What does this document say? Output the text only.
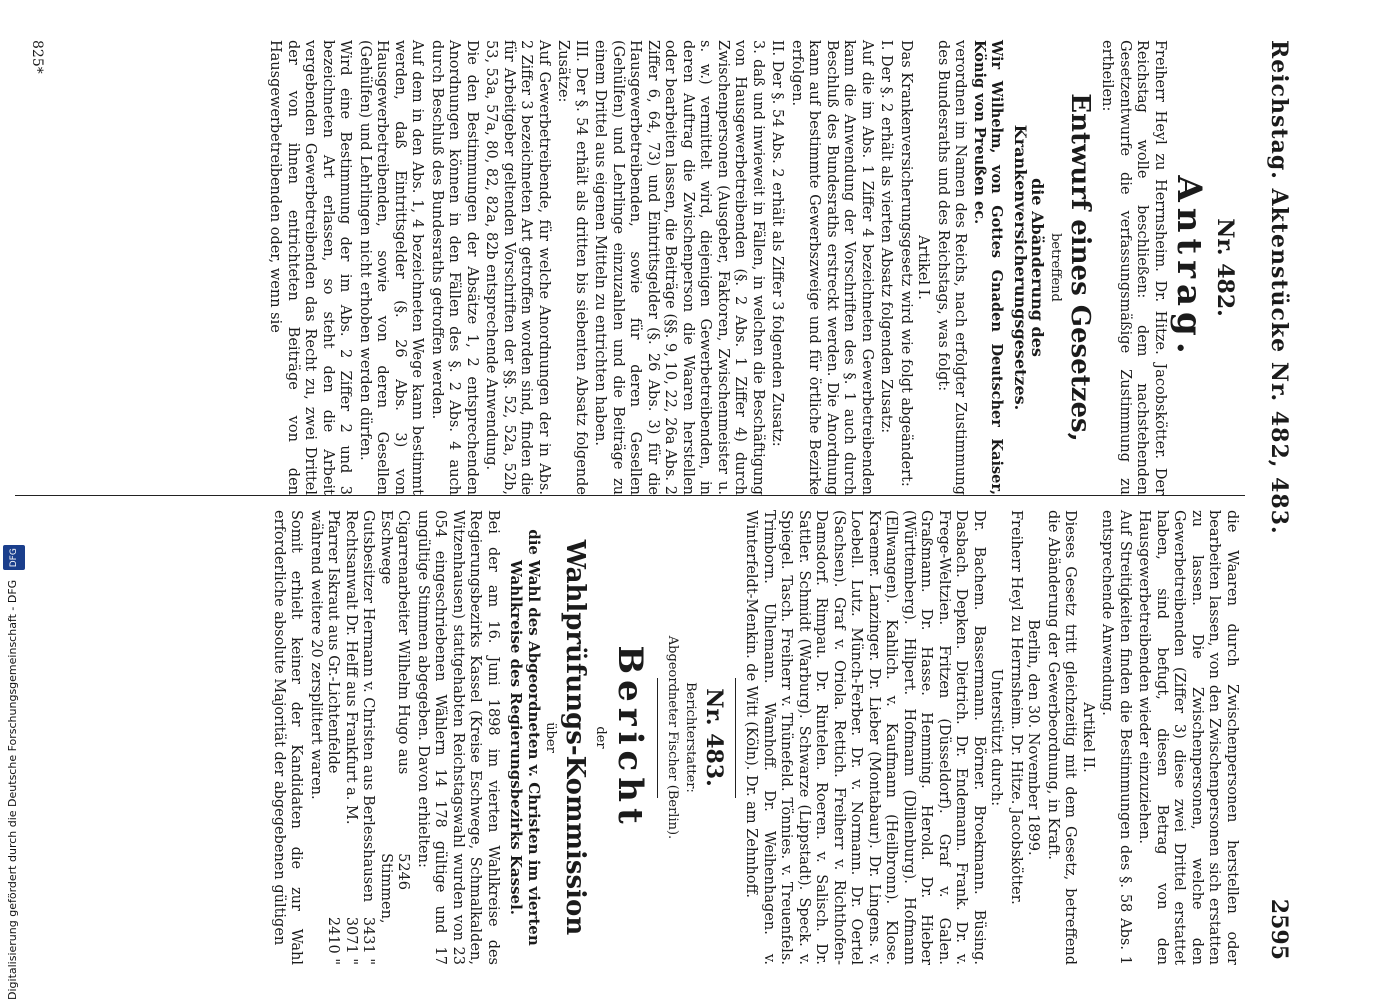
Reichstag. Aktenstücke Nr. 482, 483.
2595
Nr. 482.
Antrag.

Freiherr Heyl zu Herrnsheim. Dr. Hitze. Jacobskötter. Der Reichstag wolle beschließen: dem nachstehenden Gesetzentwurfe die verfassungsmäßige Zustimmung zu ertheilen:

Entwurf eines Gesetzes,
betreffend
die Abänderung des Krankenversicherungsgesetzes.

Wir Wilhelm, von Gottes Gnaden Deutscher Kaiser, König von Preußen ec.

verordnen im Namen des Reichs, nach erfolgter Zustimmung des Bundesraths und des Reichstags, was folgt:

Artikel I.

Das Krankenversicherungsgesetz wird wie folgt abgeändert:

I. Der §. 2 erhält als vierten Absatz folgenden Zusatz:

Auf die im Abs. 1 Ziffer 4 bezeichneten Gewerbetreibenden kann die Anwendung der Vorschriften des §. 1 auch durch Beschluß des Bundesraths erstreckt werden. Die Anordnung kann auf bestimmte Gewerbszweige und für örtliche Bezirke erfolgen.

II. Der §. 54 Abs. 2 erhält als Ziffer 3 folgenden Zusatz:

3. daß und inwieweit in Fällen, in welchen die Beschäftigung von Hausgewerbetreibenden (§. 2 Abs. 1 Ziffer 4) durch Zwischenpersonen (Ausgeber, Faktoren, Zwischenmeister u. s. w.) vermittelt wird, diejenigen Gewerbetreibenden, in deren Auftrag die Zwischenperson die Waaren herstellen oder bearbeiten lassen, die Beiträge (§§. 9, 10, 22, 26a Abs. 2 Ziffer 6, 64, 73) und Eintrittsgelder (§. 26 Abs. 3) für die Hausgewerbetreibenden, sowie für deren Gesellen (Gehülfen) und Lehrlinge einzuzahlen und die Beiträge zu einem Drittel aus eigenen Mitteln zu entrichten haben.

III. Der §. 54 erhält als dritten bis siebenten Absatz folgende Zusätze:

Auf Gewerbetreibende, für welche Anordnungen der in Abs. 2 Ziffer 3 bezeichneten Art getroffen worden sind, finden die für Arbeitgeber geltenden Vorschriften der §§. 52, 52a, 52b, 53, 53a, 57a, 80, 82, 82a, 82b entsprechende Anwendung.

Die den Bestimmungen der Absätze 1, 2 entsprechenden Anordnungen können in den Fällen des §. 2 Abs. 4 auch durch Beschluß des Bundesraths getroffen werden.

Auf dem in den Abs. 1, 4 bezeichneten Wege kann bestimmt werden, daß Eintrittsgelder (§. 26 Abs. 3) von Hausgewerbetreibenden, sowie von deren Gesellen (Gehülfen) und Lehrlingen nicht erhoben werden dürfen.

Wird eine Bestimmung der im Abs. 2 Ziffer 2 und 3 bezeichneten Art erlassen, so steht den die Arbeit vergebenden Gewerbetreibenden das Recht zu, zwei Drittel der von ihnen entrichteten Beiträge von den Hausgewerbetreibenden oder, wenn sie

die Waaren durch Zwischenpersonen herstellen oder bearbeiten lassen, von den Zwischenpersonen sich erstatten zu lassen. Die Zwischenpersonen, welche den Gewerbetreibenden (Ziffer 3) diese zwei Drittel erstattet haben, sind befugt, diesen Betrag von den Hausgewerbetreibenden wieder einzuziehen.

Auf Streitigkeiten finden die Bestimmungen des §. 58 Abs. 1 entsprechende Anwendung.

Artikel II.

Dieses Gesetz tritt gleichzeitig mit dem Gesetz, betreffend die Abänderung der Gewerbeordnung, in Kraft.

Berlin, den 30. November 1899.

Freiherr Heyl zu Herrnsheim. Dr. Hitze. Jacobskötter.

Unterstützt durch:

Dr. Bachem. Bassermann. Börner. Broekmann. Büsing. Dasbach. Depken. Dietrich. Dr. Endemann. Frank. Dr. v. Frege-Weltzien. Fritzen (Düsseldorf). Graf v. Galen. Graßmann. Dr. Hasse. Hemming. Herold. Dr. Hieber (Württemberg). Hilpert. Hofmann (Dillenburg). Hofmann (Ellwangen). Kahlich. v. Kaufmann (Heilbronn). Klose. Kraemer. Lanzinger. Dr. Lieber (Montabaur). Dr. Lingens. v. Loebell. Lutz. Münch-Ferber. Dr. v. Normann. Dr. Oertel (Sachsen). Graf v. Oriola. Rettich. Freiherr v. Richthofen-Damsdorf. Rimpau. Dr. Rintelen. Roeren. v. Salisch. Dr. Sattler. Schmidt (Warburg). Schwarze (Lippstadt). Speck. v. Spiegel. Tasch. Freiherr v. Thünefeld. Tönnies. v. Treuenfels. Trimborn. Uhlemann. Wamhoff. Dr. Weihenhagen. v. Winterfeldt-Menkin. de Witt (Köln). Dr. am Zehnhoff.

Nr. 483.
Berichterstatter:
Abgeordneter Fischer (Berlin).
Bericht
der
Wahlprüfungs-Kommission
über
die Wahl des Abgeordneten v. Christen im vierten Wahlkreise des Regierungsbezirks Kassel.

Bei der am 16. Juni 1898 im vierten Wahlkreise des Regierungsbezirks Kassel (Kreise Eschwege, Schmalkalden, Witzenhausen) stattgehabten Reichstagswahl wurden von 23 054 eingeschriebenen Wählern 14 178 gültige und 17 ungültige Stimmen abgegeben. Davon erhielten:

Cigarrenarbeiter Wilhelm Hugo aus Eschwege
5246 Stimmen,
Gutsbesitzer Hermann v. Christen aus Berlesshausen
3431 "
Rechtsanwalt Dr. Helff aus Frankfurt a. M.
3071 "
Pfarrer Iskraut aus Gr.-Lichtenfelde
2410 "

während weitere 20 zersplittert waren.

Somit erhielt keiner der Kandidaten die zur Wahl erforderliche absolute Majorität der abgegebenen gültigen

825*
Digitalisierung gefördert durch die Deutsche Forschungsgemeinschaft - DFG DFG
